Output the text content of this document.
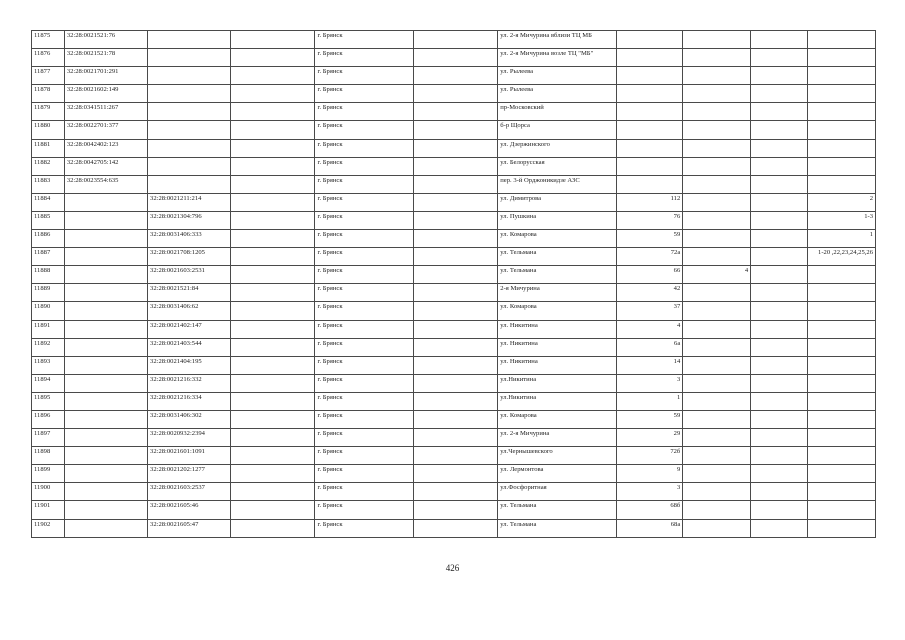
11875	32:28:0021521:76			г. Брянск		ул. 2-я Мичурина вблизи ТЦ МБ				
11876	32:28:0021521:78			г. Брянск		ул. 2-я Мичурина возле ТЦ "МБ"				
11877	32:28:0021701:291			г. Брянск		ул. Рылеева				
11878	32:28:0021602:149			г. Брянск		ул. Рылеева				
11879	32:28:0341511:267			г. Брянск		пр-Московский				
11880	32:28:0022701:377			г. Брянск		б-р Щорса				
11881	32:28:0042402:123			г. Брянск		ул. Дзержинского				
11882	32:28:0042705:142			г. Брянск		ул. Белорусская				
11883	32:28:0023554:635			г. Брянск		пер. 3-й Орджоникидзе АЗС				
11884		32:28:0021211:214		г. Брянск		ул. Димитрова	112			2
11885		32:28:0021304:796		г. Брянск		ул. Пушкина	76			1-3
11886		32:28:0031406:333		г. Брянск		ул. Комарова	59			1
11887		32:28:0021708:1205		г. Брянск		ул. Тельмана	72а			1-20 ,22,23,24,25,26
11888		32:28:0021603:2531		г. Брянск		ул. Тельмана	66	4		
11889		32:28:0021521:84		г. Брянск		2-я Мичурина	42			
11890		32:28:0031406:62		г. Брянск		ул. Комарова	37			
11891		32:28:0021402:147		г. Брянск		ул. Никитина	4			
11892		32:28:0021403:544		г. Брянск		ул. Никитина	6а			
11893		32:28:0021404:195		г. Брянск		ул. Никитина	14			
11894		32:28:0021216:332		г. Брянск		ул.Никитина	3			
11895		32:28:0021216:334		г. Брянск		ул.Никитина	1			
11896		32:28:0031406:302		г. Брянск		ул. Комарова	59			
11897		32:28:0020932:2394		г. Брянск		ул. 2-я Мичурина	29			
11898		32:28:0021601:1091		г. Брянск		ул.Чернышевского	72б			
11899		32:28:0021202:1277		г. Брянск		ул. Лермонтова	9			
11900		32:28:0021603:2537		г. Брянск		ул.Фосфоритная	3			
11901		32:28:0021605:46		г. Брянск		ул. Тельмана	68б			
11902		32:28:0021605:47		г. Брянск		ул. Тельмана	68а			
426
